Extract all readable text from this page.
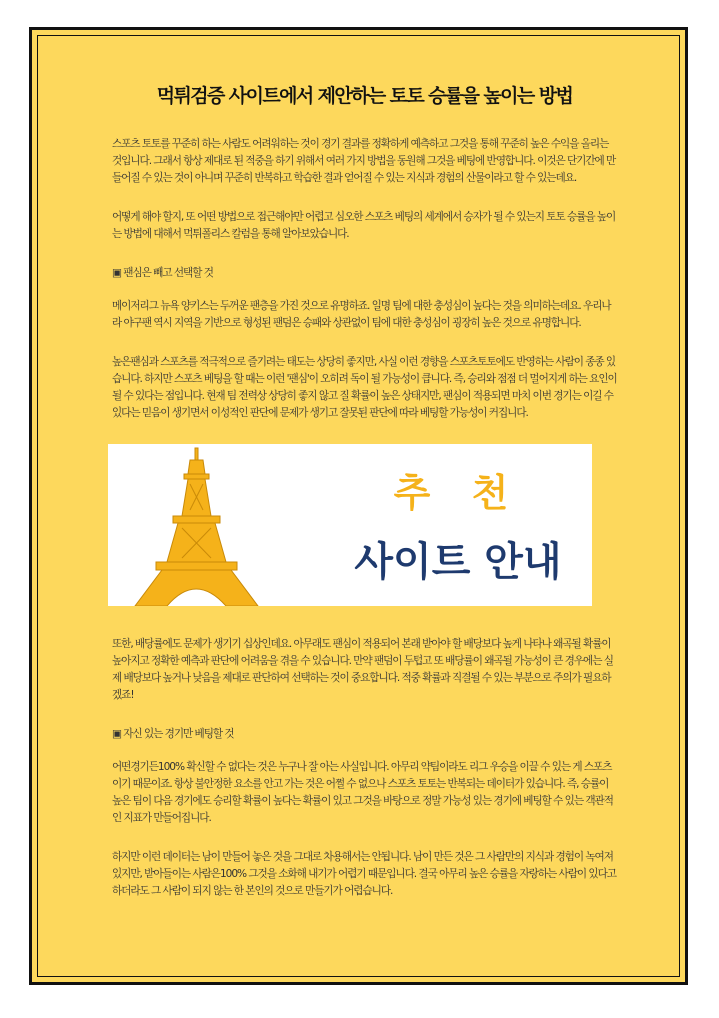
먹튀검증 사이트에서 제안하는 토토 승률을 높이는 방법

스포츠 토토를 꾸준히 하는 사람도 어려워하는 것이 경기 결과를 정확하게 예측하고 그것을 통해 꾸준히 높은 수익을 올리는 것입니다. 그래서 항상 제대로 된 적중을 하기 위해서 여러 가지 방법을 동원해 그것을 베팅에 반영합니다. 이것은 단기간에 만들어질 수 있는 것이 아니며 꾸준히 반복하고 학습한 결과 얻어질 수 있는 지식과 경험의 산물이라고 할 수 있는데요.

어떻게 해야 할지, 또 어떤 방법으로 접근해야만 어렵고 심오한 스포츠 베팅의 세계에서 승자가 될 수 있는지 토토 승률을 높이는 방법에 대해서 먹튀폴리스 칼럼을 통해 알아보았습니다.

▣ 팬심은 빼고 선택할 것

메이저리그 뉴욕 양키스는 두꺼운 팬층을 가진 것으로 유명하죠. 일명 팀에 대한 충성심이 높다는 것을 의미하는데요. 우리나라 야구팬 역시 지역을 기반으로 형성된 팬덤은 승패와 상관없이 팀에 대한 충성심이 굉장히 높은 것으로 유명합니다.

높은팬심과 스포츠를 적극적으로 즐기려는 태도는 상당히 좋지만, 사실 이런 경향을 스포츠토토에도 반영하는 사람이 종종 있습니다. 하지만 스포츠 베팅을 할 때는 이런 '팬심'이 오히려 독이 될 가능성이 큽니다. 즉, 승리와 점점 더 멀어지게 하는 요인이 될 수 있다는 점입니다. 현재 팀 전력상 상당히 좋지 않고 질 확률이 높은 상태지만, 팬심이 적용되면 마치 이번 경기는 이길 수 있다는 믿음이 생기면서 이성적인 판단에 문제가 생기고 잘못된 판단에 따라 베팅할 가능성이 커집니다.

추 천
사이트 안내

또한, 배당률에도 문제가 생기기 십상인데요. 아무래도 팬심이 적용되어 본래 받아야 할 배당보다 높게 나타나 왜곡될 확률이 높아지고 정확한 예측과 판단에 어려움을 겪을 수 있습니다. 만약 팬덤이 두텁고 또 배당률이 왜곡될 가능성이 큰 경우에는 실제 배당보다 높거나 낮음을 제대로 판단하여 선택하는 것이 중요합니다. 적중 확률과 직결될 수 있는 부분으로 주의가 필요하겠죠!

▣ 자신 있는 경기만 베팅할 것

어떤경기든100% 확신할 수 없다는 것은 누구나 잘 아는 사실입니다. 아무리 약팀이라도 리그 우승을 이끌 수 있는 게 스포츠이기 때문이죠. 항상 불안정한 요소를 안고 가는 것은 어쩔 수 없으나 스포츠 토토는 반복되는 데이터가 있습니다. 즉, 승률이 높은 팀이 다음 경기에도 승리할 확률이 높다는 확률이 있고 그것을 바탕으로 정말 가능성 있는 경기에 베팅할 수 있는 객관적인 지표가 만들어집니다.

하지만 이런 데이터는 남이 만들어 놓은 것을 그대로 차용해서는 안됩니다. 남이 만든 것은 그 사람만의 지식과 경험이 녹여져 있지만, 받아들이는 사람은100% 그것을 소화해 내기가 어렵기 때문입니다. 결국 아무리 높은 승률을 자랑하는 사람이 있다고 하더라도 그 사람이 되지 않는 한 본인의 것으로 만들기가 어렵습니다.
